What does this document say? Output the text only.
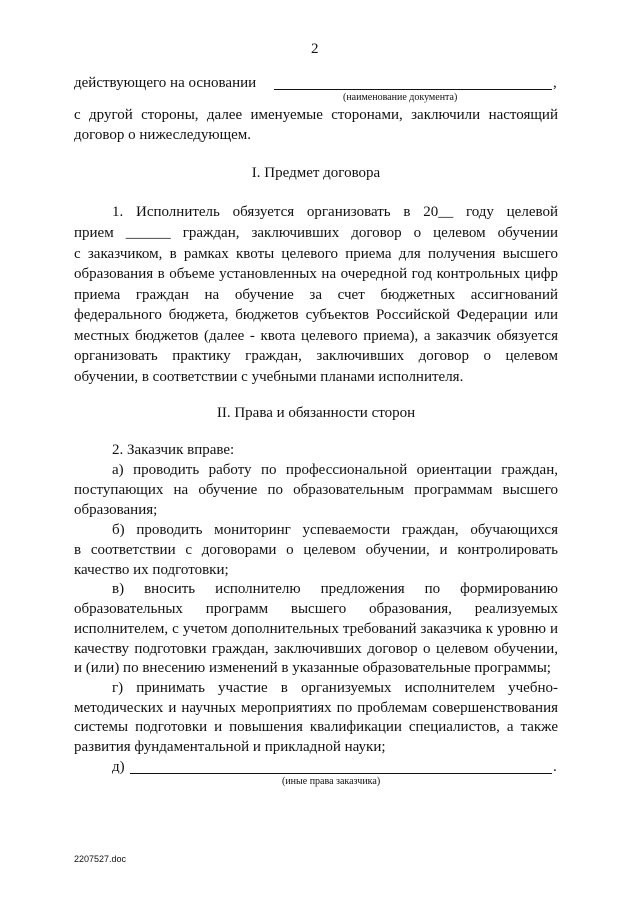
2
действующего на основании	,
(наименование документа)
с другой стороны, далее именуемые сторонами, заключили настоящий
договор о нижеследующем.
I. Предмет договора
1. Исполнитель обязуется организовать в 20__ году целевой
прием ______ граждан, заключивших договор о целевом обучении
с заказчиком, в рамках квоты целевого приема для получения высшего
образования в объеме установленных на очередной год контрольных цифр
приема граждан на обучение за счет бюджетных ассигнований
федерального бюджета, бюджетов субъектов Российской Федерации или
местных бюджетов (далее - квота целевого приема), а заказчик обязуется
организовать практику граждан, заключивших договор о целевом
обучении, в соответствии с учебными планами исполнителя.
II. Права и обязанности сторон
2. Заказчик вправе:
а) проводить работу по профессиональной ориентации граждан,
поступающих на обучение по образовательным программам высшего
образования;
б) проводить мониторинг успеваемости граждан, обучающихся
в соответствии с договорами о целевом обучении, и контролировать
качество их подготовки;
в) вносить исполнителю предложения по формированию
образовательных программ высшего образования, реализуемых
исполнителем, с учетом дополнительных требований заказчика к уровню и
качеству подготовки граждан, заключивших договор о целевом обучении,
и (или) по внесению изменений в указанные образовательные программы;
г) принимать участие в организуемых исполнителем учебно-
методических и научных мероприятиях по проблемам совершенствования
системы подготовки и повышения квалификации специалистов, а также
развития фундаментальной и прикладной науки;
д)	.
(иные права заказчика)
2207527.doc
